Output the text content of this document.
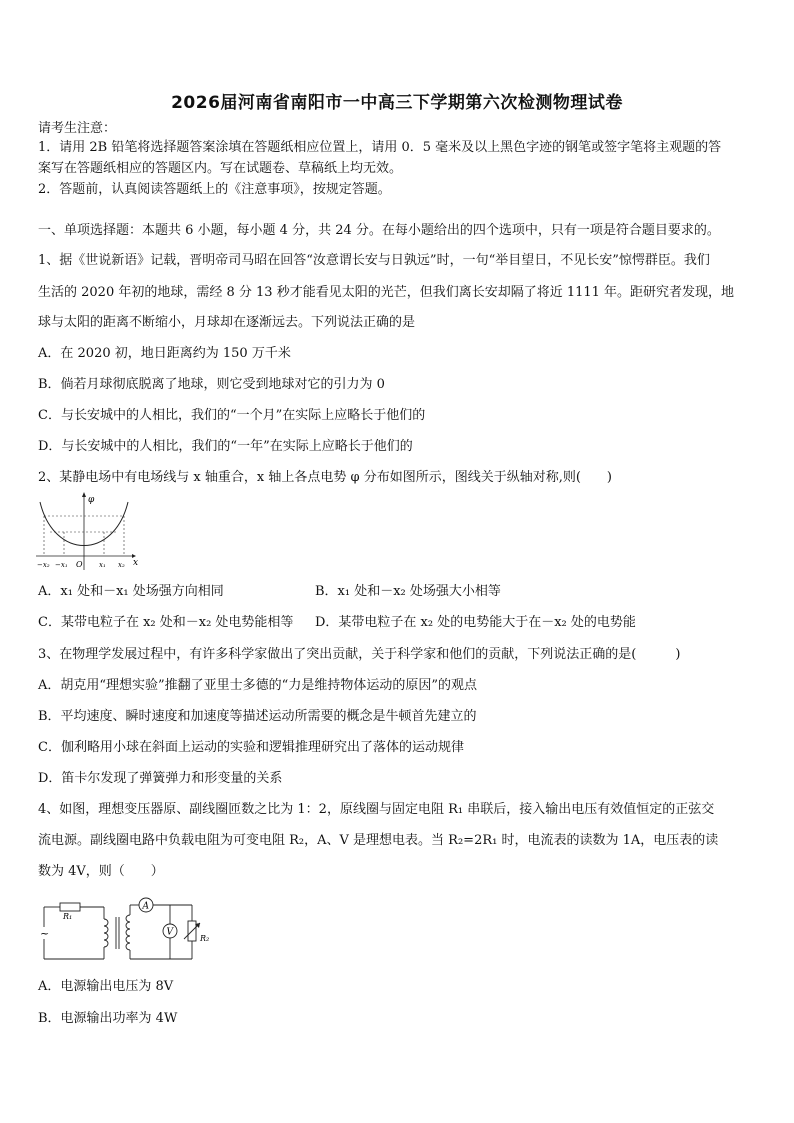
2026届河南省南阳市一中高三下学期第六次检测物理试卷
请考生注意：
1．请用 2B 铅笔将选择题答案涂填在答题纸相应位置上，请用 0．5 毫米及以上黑色字迹的钢笔或签字笔将主观题的答
案写在答题纸相应的答题区内。写在试题卷、草稿纸上均无效。
2．答题前，认真阅读答题纸上的《注意事项》，按规定答题。
一、单项选择题：本题共 6 小题，每小题 4 分，共 24 分。在每小题给出的四个选项中，只有一项是符合题目要求的。
1、据《世说新语》记载，晋明帝司马昭在回答“汝意谓长安与日孰远”时，一句“举目望日，不见长安”惊愕群臣。我们
生活的 2020 年初的地球，需经 8 分 13 秒才能看见太阳的光芒，但我们离长安却隔了将近 1111 年。距研究者发现，地
球与太阳的距离不断缩小，月球却在逐渐远去。下列说法正确的是
A．在 2020 初，地日距离约为 150 万千米
B．倘若月球彻底脱离了地球，则它受到地球对它的引力为 0
C．与长安城中的人相比，我们的“一个月”在实际上应略长于他们的
D．与长安城中的人相比，我们的“一年”在实际上应略长于他们的
2、某静电场中有电场线与 x 轴重合，x 轴上各点电势 φ 分布如图所示，图线关于纵轴对称,则(　　)
φ
x
O
−x₂ −x₁	x₁ x₂
A．x₁ 处和－x₁ 处场强方向相同	B．x₁ 处和－x₂ 处场强大小相等
C．某带电粒子在 x₂ 处和－x₂ 处电势能相等 D．某带电粒子在 x₂ 处的电势能大于在－x₂ 处的电势能
3、在物理学发展过程中，有许多科学家做出了突出贡献，关于科学家和他们的贡献，下列说法正确的是(　　　)
A．胡克用“理想实验”推翻了亚里士多德的“力是维持物体运动的原因”的观点
B．平均速度、瞬时速度和加速度等描述运动所需要的概念是牛顿首先建立的
C．伽利略用小球在斜面上运动的实验和逻辑推理研究出了落体的运动规律
D．笛卡尔发现了弹簧弹力和形变量的关系
4、如图，理想变压器原、副线圈匝数之比为 1：2，原线圈与固定电阻 R₁ 串联后，接入输出电压有效值恒定的正弦交
流电源。副线圈电路中负载电阻为可变电阻 R₂，A、V 是理想电表。当 R₂=2R₁ 时，电流表的读数为 1A，电压表的读
数为 4V，则（　　）
~
A
V
R₁
R₂
A．电源输出电压为 8V
B．电源输出功率为 4W
